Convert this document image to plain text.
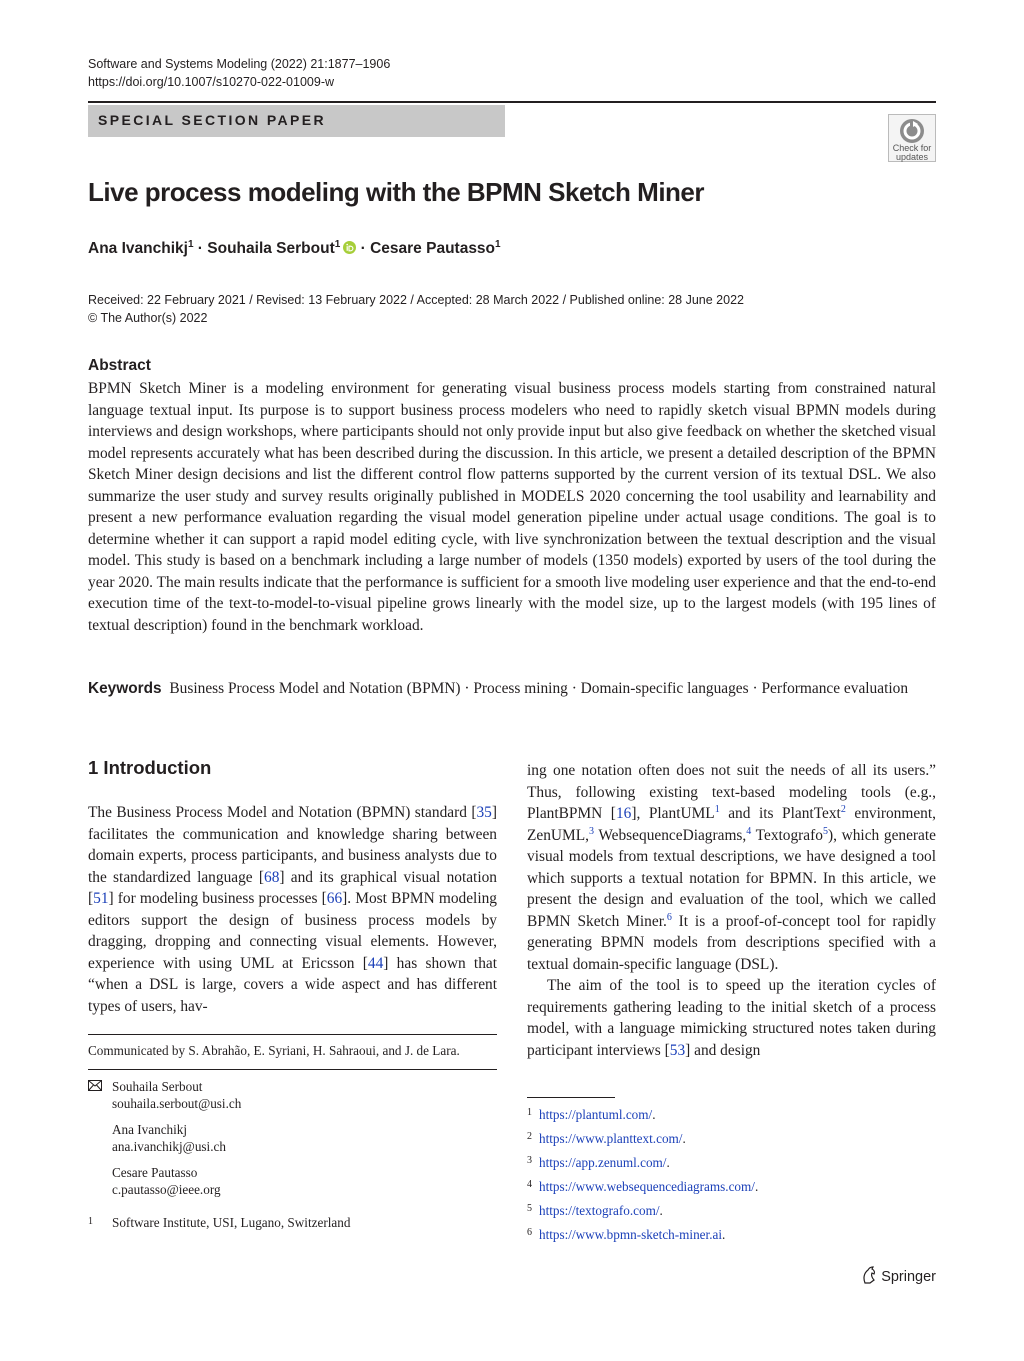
Software and Systems Modeling (2022) 21:1877–1906
https://doi.org/10.1007/s10270-022-01009-w
SPECIAL SECTION PAPER
Check for updates
Live process modeling with the BPMN Sketch Miner
Ana Ivanchikj$^1$ · Souhaila Serbout$^1$ · Cesare Pautasso$^1$
Received: 22 February 2021 / Revised: 13 February 2022 / Accepted: 28 March 2022 / Published online: 28 June 2022
© The Author(s) 2022
Abstract
BPMN Sketch Miner is a modeling environment for generating visual business process models starting from constrained natural language textual input. Its purpose is to support business process modelers who need to rapidly sketch visual BPMN models during interviews and design workshops, where participants should not only provide input but also give feedback on whether the sketched visual model represents accurately what has been described during the discussion. In this article, we present a detailed description of the BPMN Sketch Miner design decisions and list the different control flow patterns supported by the current version of its textual DSL. We also summarize the user study and survey results originally published in MODELS 2020 concerning the tool usability and learnability and present a new performance evaluation regarding the visual model generation pipeline under actual usage conditions. The goal is to determine whether it can support a rapid model editing cycle, with live synchronization between the textual description and the visual model. This study is based on a benchmark including a large number of models (1350 models) exported by users of the tool during the year 2020. The main results indicate that the performance is sufficient for a smooth live modeling user experience and that the end-to-end execution time of the text-to-model-to-visual pipeline grows linearly with the model size, up to the largest models (with 195 lines of textual description) found in the benchmark workload.
Keywords Business Process Model and Notation (BPMN) · Process mining · Domain-specific languages · Performance evaluation
1 Introduction
The Business Process Model and Notation (BPMN) standard [35] facilitates the communication and knowledge sharing between domain experts, process participants, and business analysts due to the standardized language [68] and its graphical visual notation [51] for modeling business processes [66]. Most BPMN modeling editors support the design of business process models by dragging, dropping and connecting visual elements. However, experience with using UML at Ericsson [44] has shown that “when a DSL is large, covers a wide aspect and has different types of users, hav-
Communicated by S. Abrahão, E. Syriani, H. Sahraoui, and J. de Lara.
Souhaila Serbout
souhaila.serbout@usi.ch
Ana Ivanchikj
ana.ivanchikj@usi.ch
Cesare Pautasso
c.pautasso@ieee.org
1 Software Institute, USI, Lugano, Switzerland

ing one notation often does not suit the needs of all its users.” Thus, following existing text-based modeling tools (e.g., PlantBPMN [16], PlantUML$^1$ and its PlantText$^2$ environment, ZenUML,$^3$ WebsequenceDiagrams,$^4$ Textografo$^5$), which generate visual models from textual descriptions, we have designed a tool which supports a textual notation for BPMN. In this article, we present the design and evaluation of the tool, which we called BPMN Sketch Miner.$^6$ It is a proof-of-concept tool for rapidly generating BPMN models from descriptions specified with a textual domain-specific language (DSL).

The aim of the tool is to speed up the iteration cycles of requirements gathering leading to the initial sketch of a process model, with a language mimicking structured notes taken during participant interviews [53] and design

1 https://plantuml.com/.
2 https://www.planttext.com/.
3 https://app.zenuml.com/.
4 https://www.websequencediagrams.com/.
5 https://textografo.com/.
6 https://www.bpmn-sketch-miner.ai.
Springer
